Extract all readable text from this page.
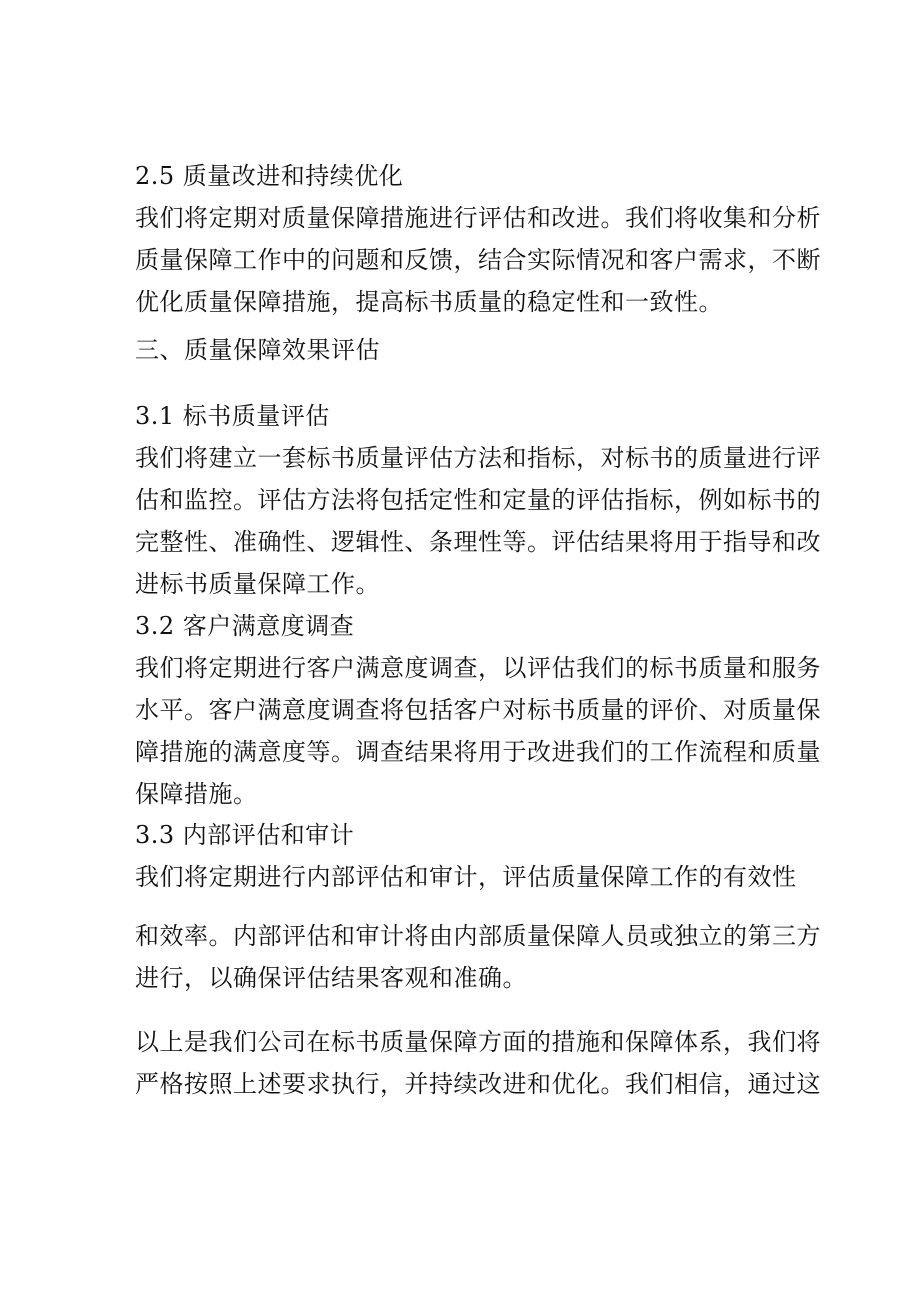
2.5 质量改进和持续优化
我们将定期对质量保障措施进行评估和改进。我们将收集和分析
质量保障工作中的问题和反馈，结合实际情况和客户需求，不断
优化质量保障措施，提高标书质量的稳定性和一致性。
三、质量保障效果评估
3.1 标书质量评估
我们将建立一套标书质量评估方法和指标，对标书的质量进行评
估和监控。评估方法将包括定性和定量的评估指标，例如标书的
完整性、准确性、逻辑性、条理性等。评估结果将用于指导和改
进标书质量保障工作。
3.2 客户满意度调查
我们将定期进行客户满意度调查，以评估我们的标书质量和服务
水平。客户满意度调查将包括客户对标书质量的评价、对质量保
障措施的满意度等。调查结果将用于改进我们的工作流程和质量
保障措施。
3.3 内部评估和审计
我们将定期进行内部评估和审计，评估质量保障工作的有效性
和效率。内部评估和审计将由内部质量保障人员或独立的第三方
进行，以确保评估结果客观和准确。
以上是我们公司在标书质量保障方面的措施和保障体系，我们将
严格按照上述要求执行，并持续改进和优化。我们相信，通过这
